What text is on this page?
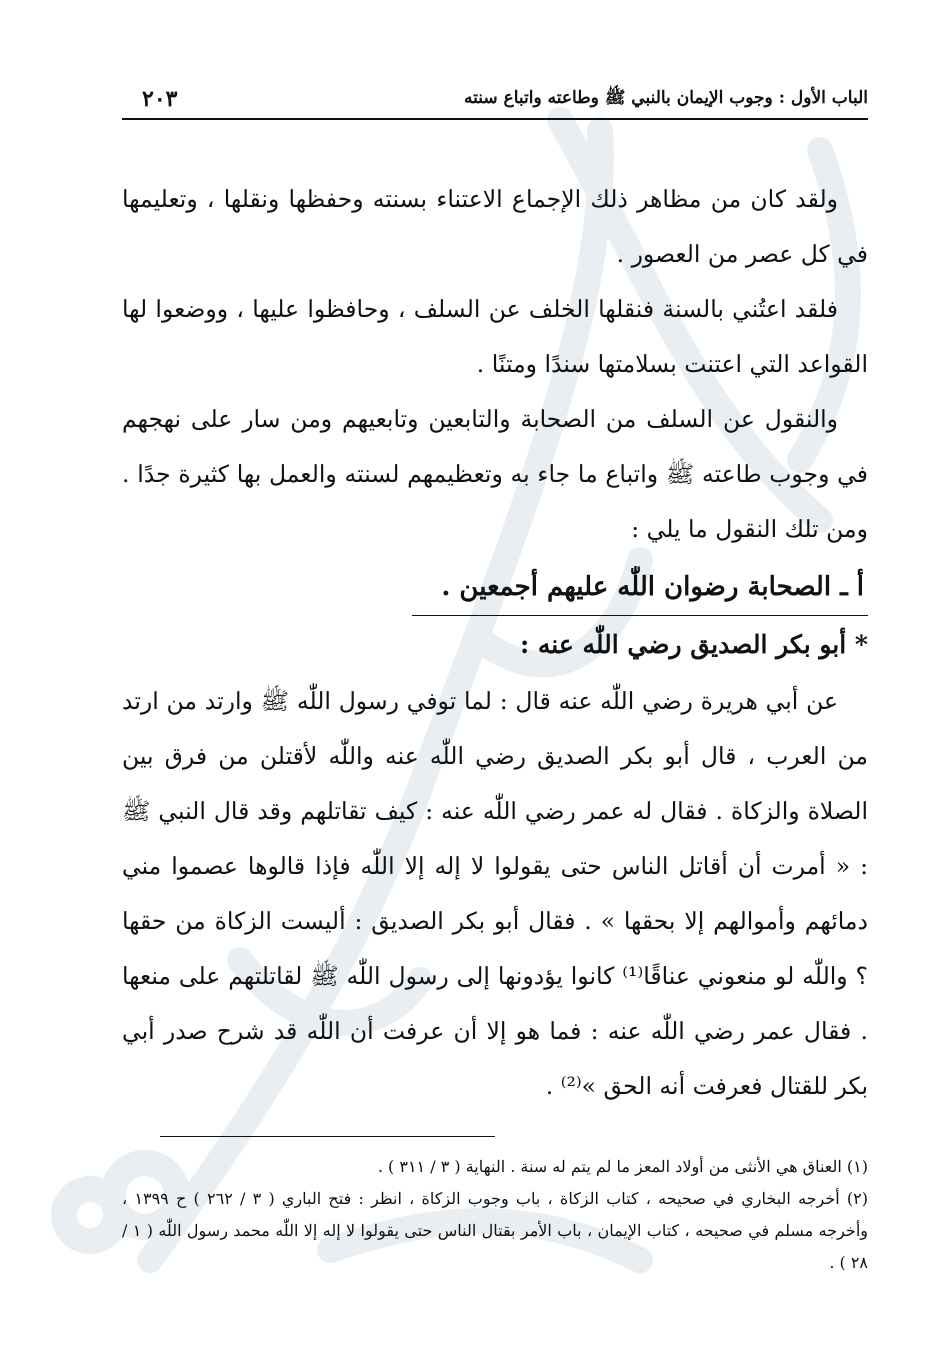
الباب الأول : وجوب الإيمان بالنبي ﷺ وطاعته واتباع سنته
٢٠٣

ولقد كان من مظاهر ذلك الإجماع الاعتناء بسنته وحفظها ونقلها ، وتعليمها في كل عصر من العصور .

فلقد اعتُني بالسنة فنقلها الخلف عن السلف ، وحافظوا عليها ، ووضعوا لها القواعد التي اعتنت بسلامتها سندًا ومتنًا .

والنقول عن السلف من الصحابة والتابعين وتابعيهم ومن سار على نهجهم في وجوب طاعته ﷺ واتباع ما جاء به وتعظيمهم لسنته والعمل بها كثيرة جدًا . ومن تلك النقول ما يلي :

أ ـ الصحابة رضوان اللّٰه عليهم أجمعين .
* أبو بكر الصديق رضي اللّٰه عنه :

عن أبي هريرة رضي اللّٰه عنه قال : لما توفي رسول اللّٰه ﷺ وارتد من ارتد من العرب ، قال أبو بكر الصديق رضي اللّٰه عنه واللّٰه لأقتلن من فرق بين الصلاة والزكاة . فقال له عمر رضي اللّٰه عنه : كيف تقاتلهم وقد قال النبي ﷺ : « أمرت أن أقاتل الناس حتى يقولوا لا إله إلا اللّٰه فإذا قالوها عصموا مني دمائهم وأموالهم إلا بحقها » . فقال أبو بكر الصديق : أليست الزكاة من حقها ؟ واللّٰه لو منعوني عناقًا⁽¹⁾ كانوا يؤدونها إلى رسول اللّٰه ﷺ لقاتلتهم على منعها . فقال عمر رضي اللّٰه عنه : فما هو إلا أن عرفت أن اللّٰه قد شرح صدر أبي بكر للقتال فعرفت أنه الحق »⁽²⁾ .

(١) العناق هي الأنثى من أولاد المعز ما لم يتم له سنة . النهاية ( ٣ / ٣١١ ) .

(٢) أخرجه البخاري في صحيحه ، كتاب الزكاة ، باب وجوب الزكاة ، انظر : فتح الباري ( ٣ / ٢٦٢ ) ح ١٣٩٩ ، وأخرجه مسلم في صحيحه ، كتاب الإيمان ، باب الأمر بقتال الناس حتى يقولوا لا إله إلا اللّٰه محمد رسول اللّٰه ( ١ / ٢٨ ) .
